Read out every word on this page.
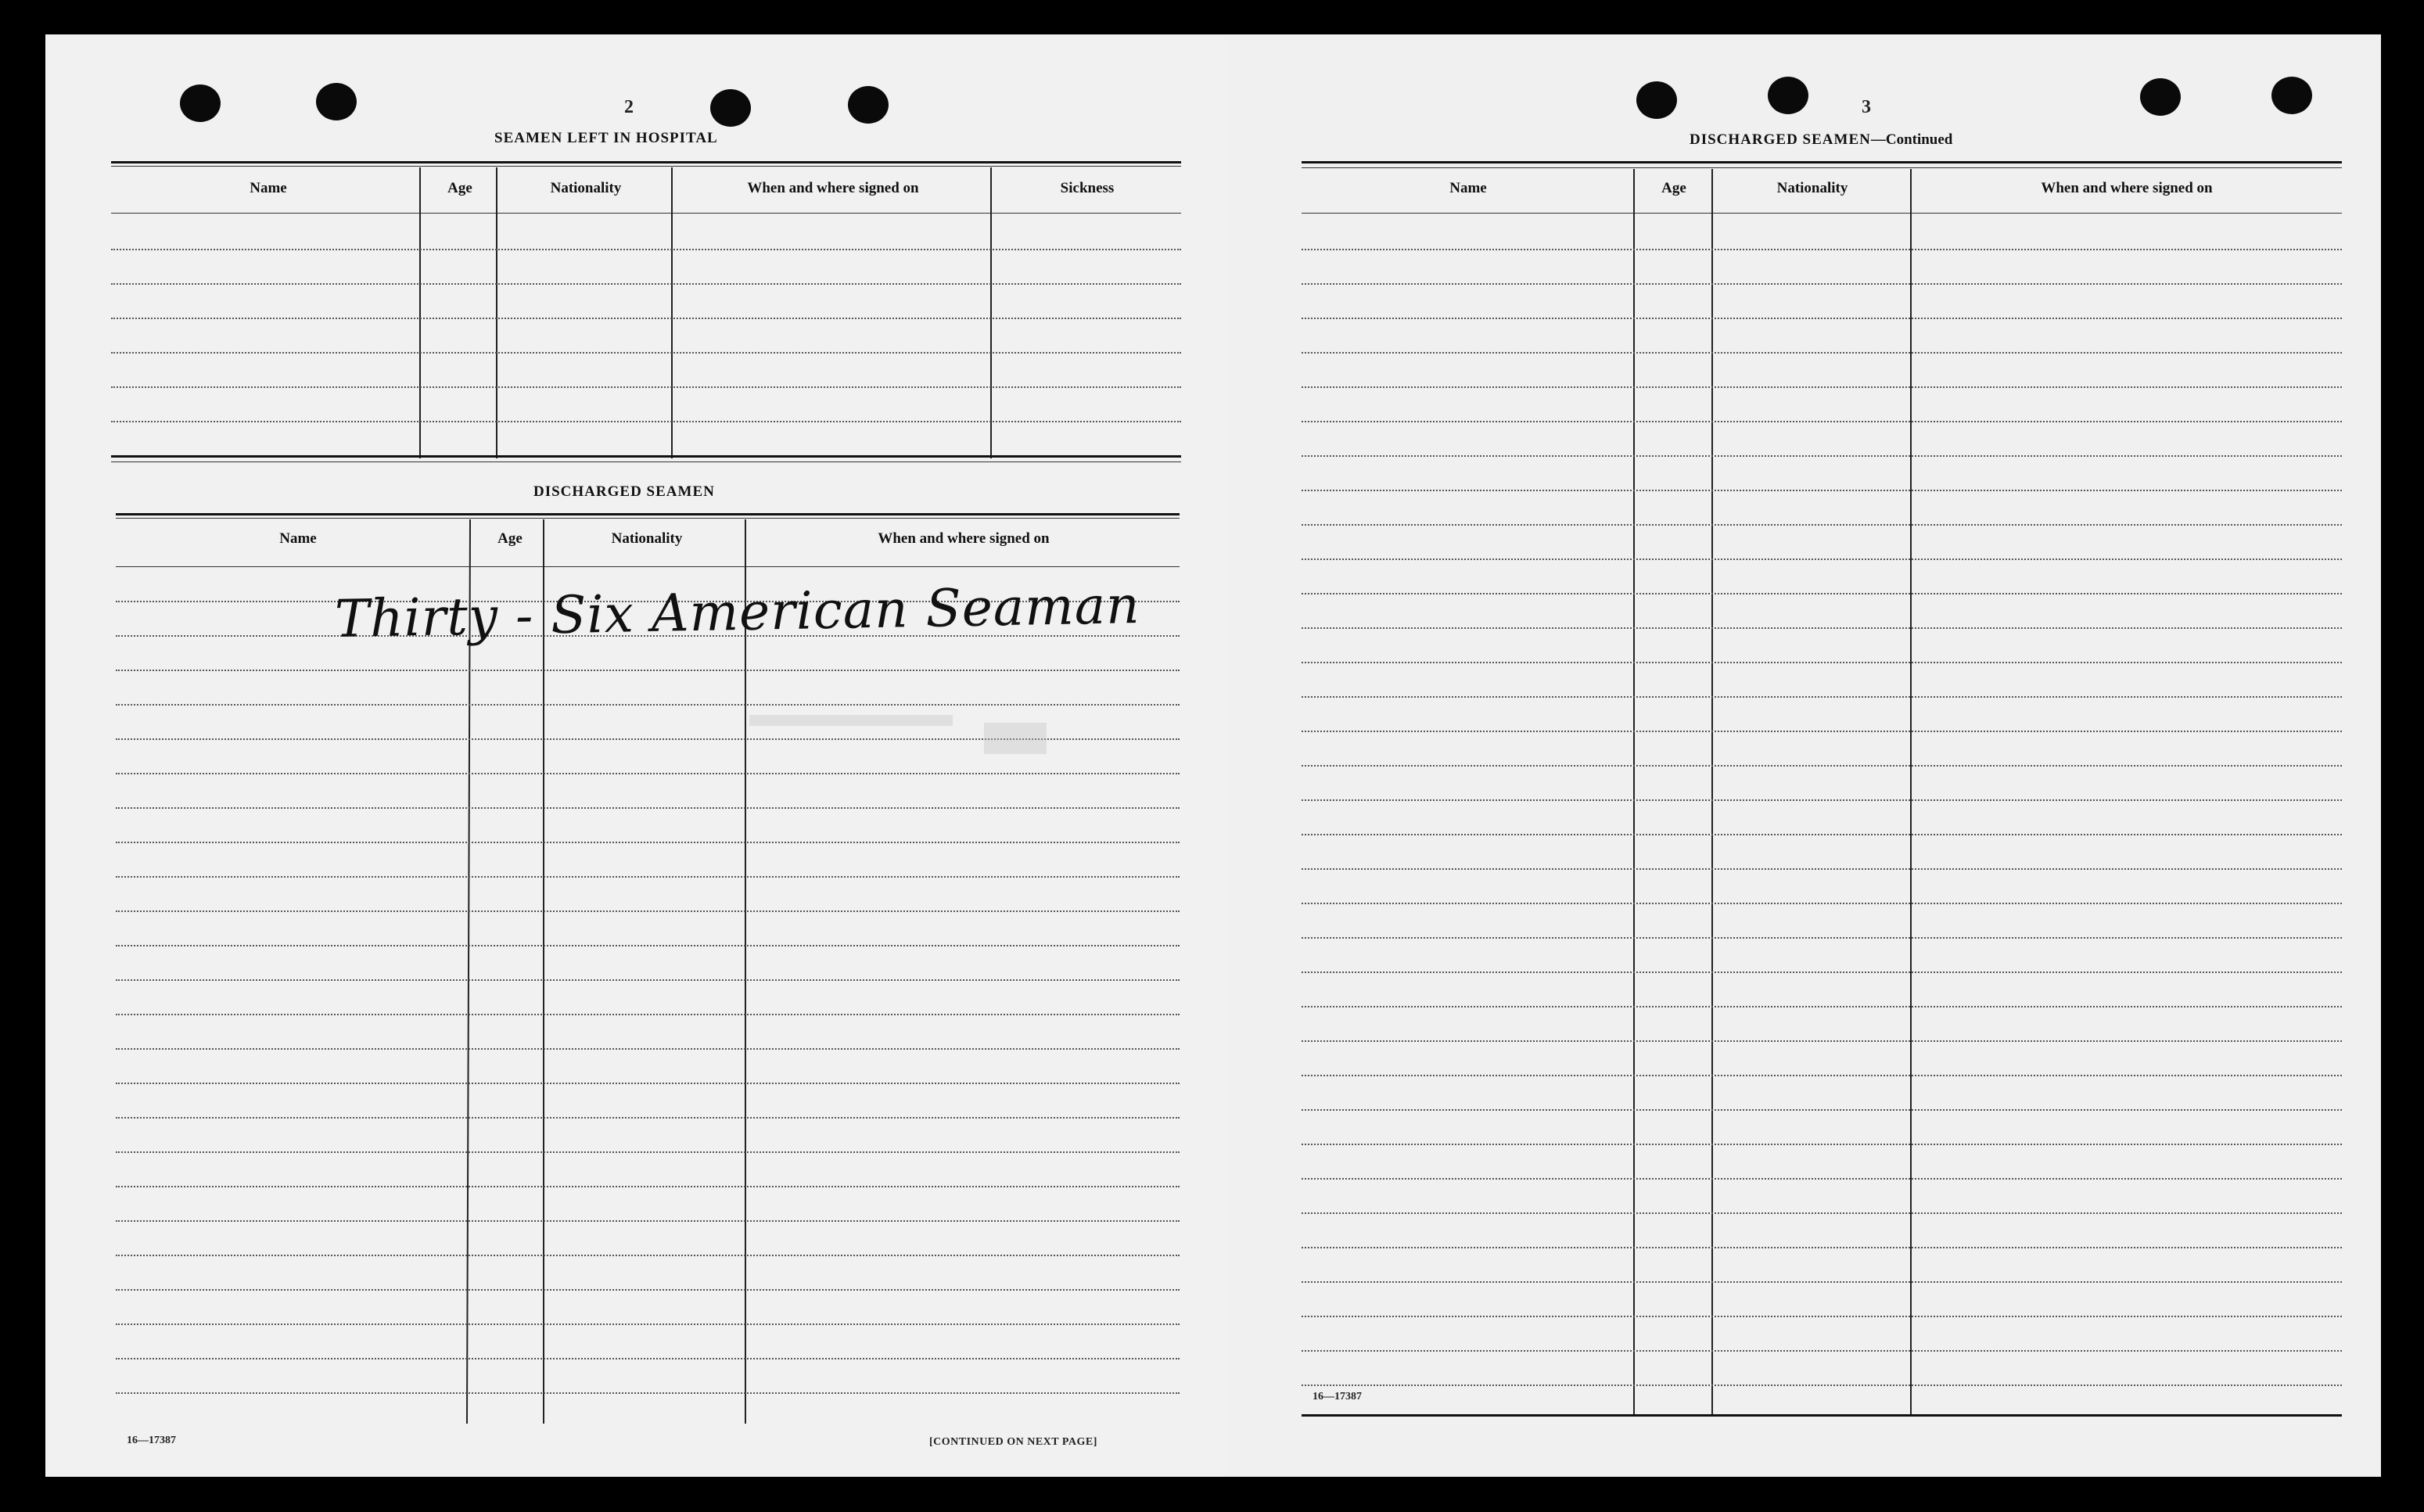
2
SEAMEN LEFT IN HOSPITAL
Name	Age	Nationality	When and where signed on	Sickness
DISCHARGED SEAMEN
Name	Age	Nationality	When and where signed on
Thirty - Six American Seaman
16—17387	[CONTINUED ON NEXT PAGE]
3
DISCHARGED SEAMEN—Continued
Name	Age	Nationality	When and where signed on
16—17387
